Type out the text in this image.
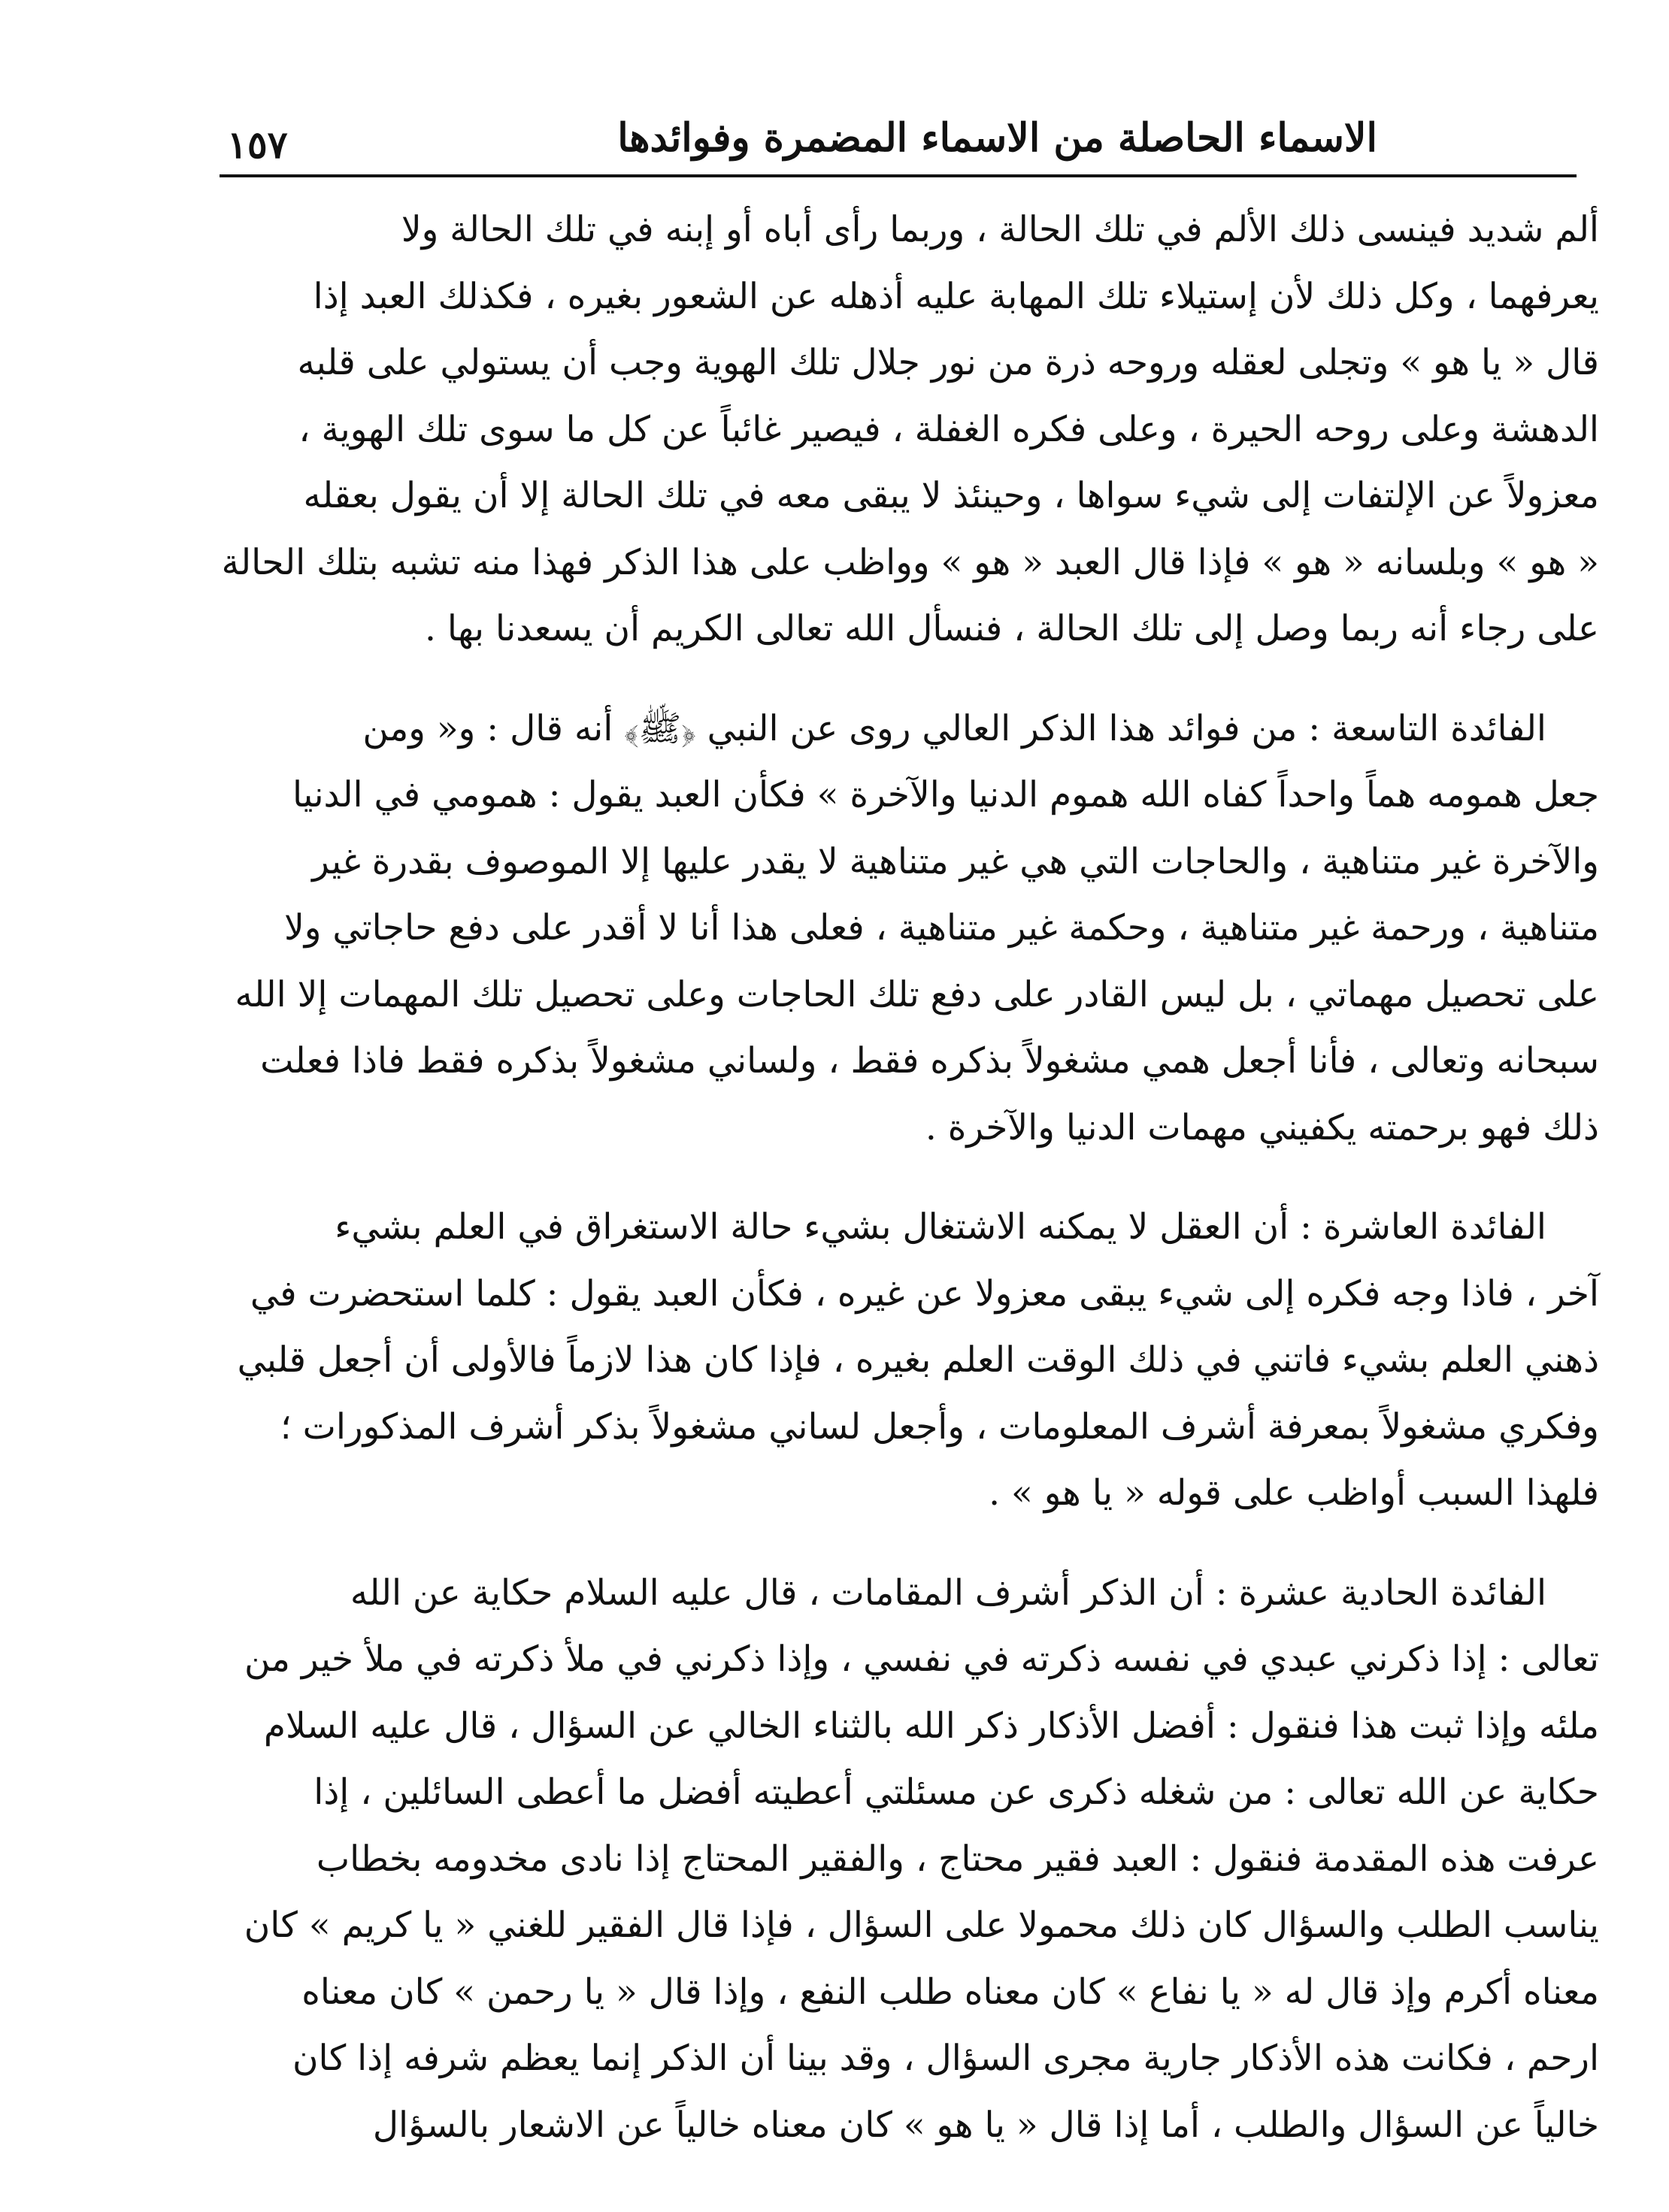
الاسماء الحاصلة من الاسماء المضمرة وفوائدها
١٥٧

ألم شديد فينسى ذلك الألم في تلك الحالة ، وربما رأى أباه أو إبنه في تلك الحالة ولا
يعرفهما ، وكل ذلك لأن إستيلاء تلك المهابة عليه أذهله عن الشعور بغيره ، فكذلك العبد إذا
قال « يا هو » وتجلى لعقله وروحه ذرة من نور جلال تلك الهوية وجب أن يستولي على قلبه
الدهشة وعلى روحه الحيرة ، وعلى فكره الغفلة ، فيصير غائباً عن كل ما سوى تلك الهوية ،
معزولاً عن الإلتفات إلى شيء سواها ، وحينئذ لا يبقى معه في تلك الحالة إلا أن يقول بعقله
« هو » وبلسانه « هو » فإذا قال العبد « هو » وواظب على هذا الذكر فهذا منه تشبه بتلك الحالة
على رجاء أنه ربما وصل إلى تلك الحالة ، فنسأل الله تعالى الكريم أن يسعدنا بها .

الفائدة التاسعة : من فوائد هذا الذكر العالي روى عن النبي ﴿ﷺ﴾ أنه قال : و« ومن
جعل همومه هماً واحداً كفاه الله هموم الدنيا والآخرة » فكأن العبد يقول : همومي في الدنيا
والآخرة غير متناهية ، والحاجات التي هي غير متناهية لا يقدر عليها إلا الموصوف بقدرة غير
متناهية ، ورحمة غير متناهية ، وحكمة غير متناهية ، فعلى هذا أنا لا أقدر على دفع حاجاتي ولا
على تحصيل مهماتي ، بل ليس القادر على دفع تلك الحاجات وعلى تحصيل تلك المهمات إلا الله
سبحانه وتعالى ، فأنا أجعل همي مشغولاً بذكره فقط ، ولساني مشغولاً بذكره فقط فاذا فعلت
ذلك فهو برحمته يكفيني مهمات الدنيا والآخرة .

الفائدة العاشرة : أن العقل لا يمكنه الاشتغال بشيء حالة الاستغراق في العلم بشيء
آخر ، فاذا وجه فكره إلى شيء يبقى معزولا عن غيره ، فكأن العبد يقول : كلما استحضرت في
ذهني العلم بشيء فاتني في ذلك الوقت العلم بغيره ، فإذا كان هذا لازماً فالأولى أن أجعل قلبي
وفكري مشغولاً بمعرفة أشرف المعلومات ، وأجعل لساني مشغولاً بذكر أشرف المذكورات ؛
فلهذا السبب أواظب على قوله « يا هو » .

الفائدة الحادية عشرة : أن الذكر أشرف المقامات ، قال عليه السلام حكاية عن الله
تعالى : إذا ذكرني عبدي في نفسه ذكرته في نفسي ، وإذا ذكرني في ملأ ذكرته في ملأ خير من
ملئه وإذا ثبت هذا فنقول : أفضل الأذكار ذكر الله بالثناء الخالي عن السؤال ، قال عليه السلام
حكاية عن الله تعالى : من شغله ذكرى عن مسئلتي أعطيته أفضل ما أعطى السائلين ، إذا
عرفت هذه المقدمة فنقول : العبد فقير محتاج ، والفقير المحتاج إذا نادى مخدومه بخطاب
يناسب الطلب والسؤال كان ذلك محمولا على السؤال ، فإذا قال الفقير للغني « يا كريم » كان
معناه أكرم وإذ قال له « يا نفاع » كان معناه طلب النفع ، وإذا قال « يا رحمن » كان معناه
ارحم ، فكانت هذه الأذكار جارية مجرى السؤال ، وقد بينا أن الذكر إنما يعظم شرفه إذا كان
خالياً عن السؤال والطلب ، أما إذا قال « يا هو » كان معناه خالياً عن الاشعار بالسؤال
